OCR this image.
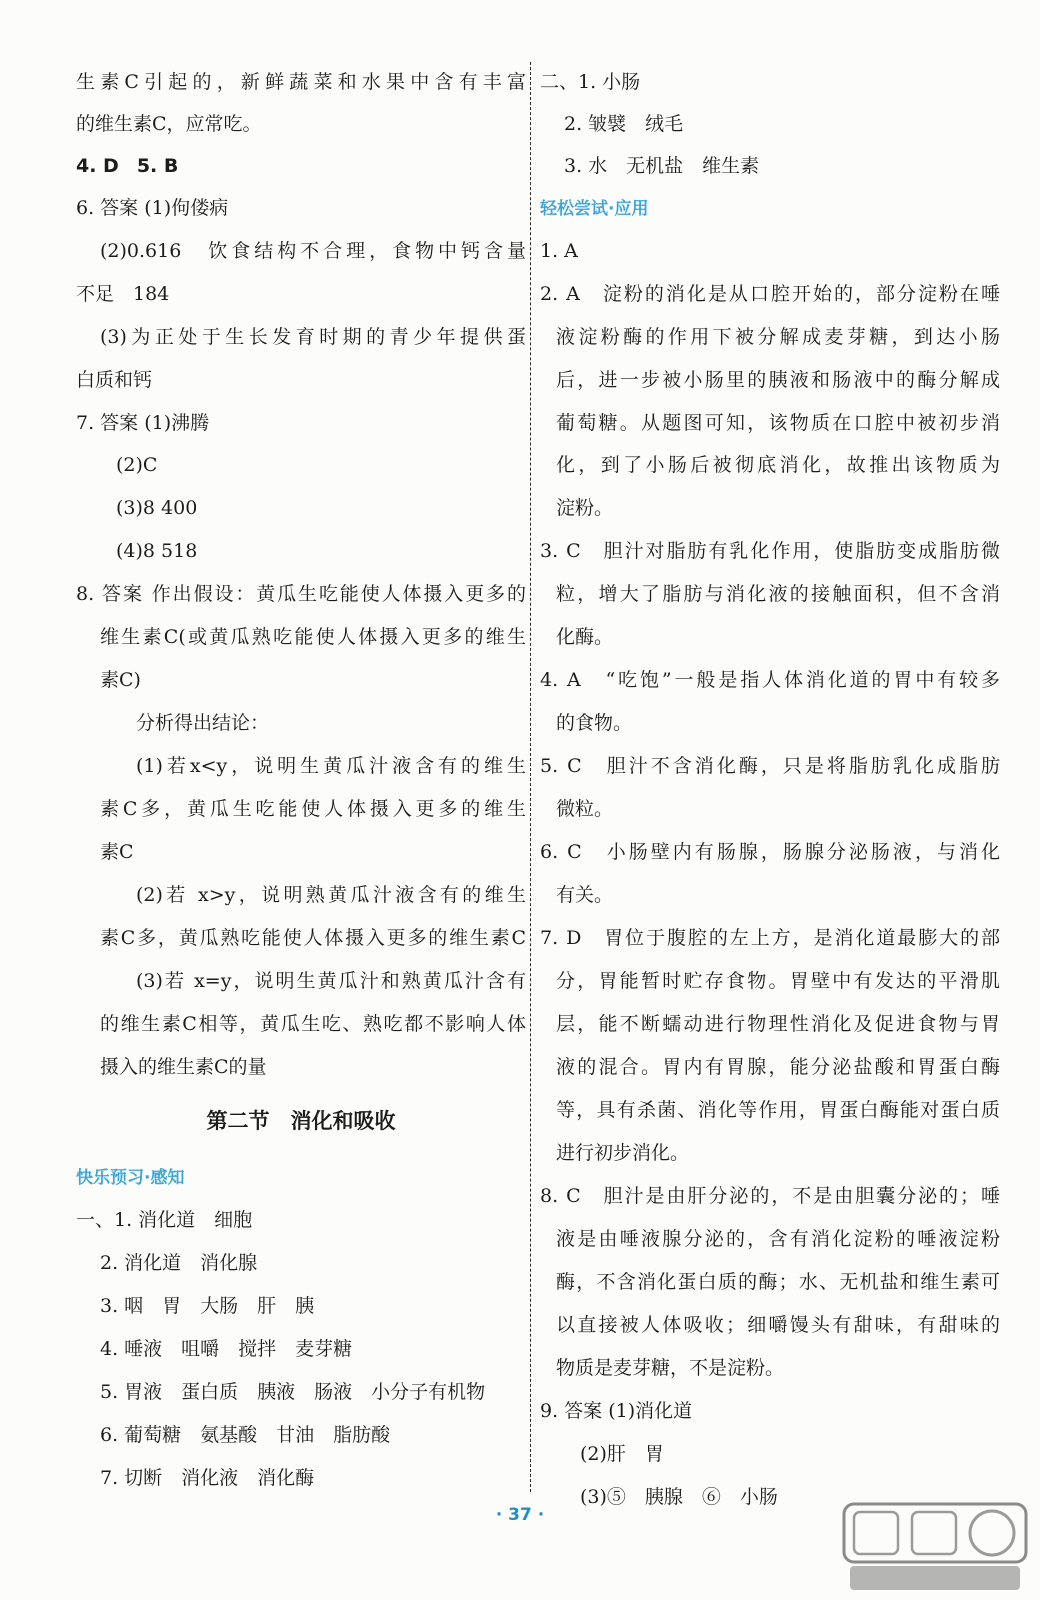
生素C引起的，新鲜蔬菜和水果中含有丰富
的维生素C，应常吃。
4. D 5. B
6. 答案 (1)佝偻病
(2)0.616　饮食结构不合理，食物中钙含量
不足　184
(3)为正处于生长发育时期的青少年提供蛋
白质和钙
7. 答案 (1)沸腾
(2)C
(3)8 400
(4)8 518
8. 答案 作出假设：黄瓜生吃能使人体摄入更多的
维生素C(或黄瓜熟吃能使人体摄入更多的维生
素C)
分析得出结论：
(1)若x<y，说明生黄瓜汁液含有的维生
素C多，黄瓜生吃能使人体摄入更多的维生
素C
(2)若 x>y，说明熟黄瓜汁液含有的维生
素C多，黄瓜熟吃能使人体摄入更多的维生素C
(3)若 x=y，说明生黄瓜汁和熟黄瓜汁含有
的维生素C相等，黄瓜生吃、熟吃都不影响人体
摄入的维生素C的量
第二节　消化和吸收
快乐预习·感知
一、1. 消化道　细胞
2. 消化道　消化腺
3. 咽　胃　大肠　肝　胰
4. 唾液　咀嚼　搅拌　麦芽糖
5. 胃液　蛋白质　胰液　肠液　小分子有机物
6. 葡萄糖　氨基酸　甘油　脂肪酸
7. 切断　消化液　消化酶
二、1. 小肠
2. 皱襞　绒毛
3. 水　无机盐　维生素
轻松尝试·应用
1. A
2. A　淀粉的消化是从口腔开始的，部分淀粉在唾
液淀粉酶的作用下被分解成麦芽糖，到达小肠
后，进一步被小肠里的胰液和肠液中的酶分解成
葡萄糖。从题图可知，该物质在口腔中被初步消
化，到了小肠后被彻底消化，故推出该物质为
淀粉。
3. C　胆汁对脂肪有乳化作用，使脂肪变成脂肪微
粒，增大了脂肪与消化液的接触面积，但不含消
化酶。
4. A　“吃饱”一般是指人体消化道的胃中有较多
的食物。
5. C　胆汁不含消化酶，只是将脂肪乳化成脂肪
微粒。
6. C　小肠壁内有肠腺，肠腺分泌肠液，与消化
有关。
7. D　胃位于腹腔的左上方，是消化道最膨大的部
分，胃能暂时贮存食物。胃壁中有发达的平滑肌
层，能不断蠕动进行物理性消化及促进食物与胃
液的混合。胃内有胃腺，能分泌盐酸和胃蛋白酶
等，具有杀菌、消化等作用，胃蛋白酶能对蛋白质
进行初步消化。
8. C　胆汁是由肝分泌的，不是由胆囊分泌的；唾
液是由唾液腺分泌的，含有消化淀粉的唾液淀粉
酶，不含消化蛋白质的酶；水、无机盐和维生素可
以直接被人体吸收；细嚼馒头有甜味，有甜味的
物质是麦芽糖，不是淀粉。
9. 答案 (1)消化道
(2)肝　胃
(3)⑤　胰腺　⑥　小肠
· 37 ·
